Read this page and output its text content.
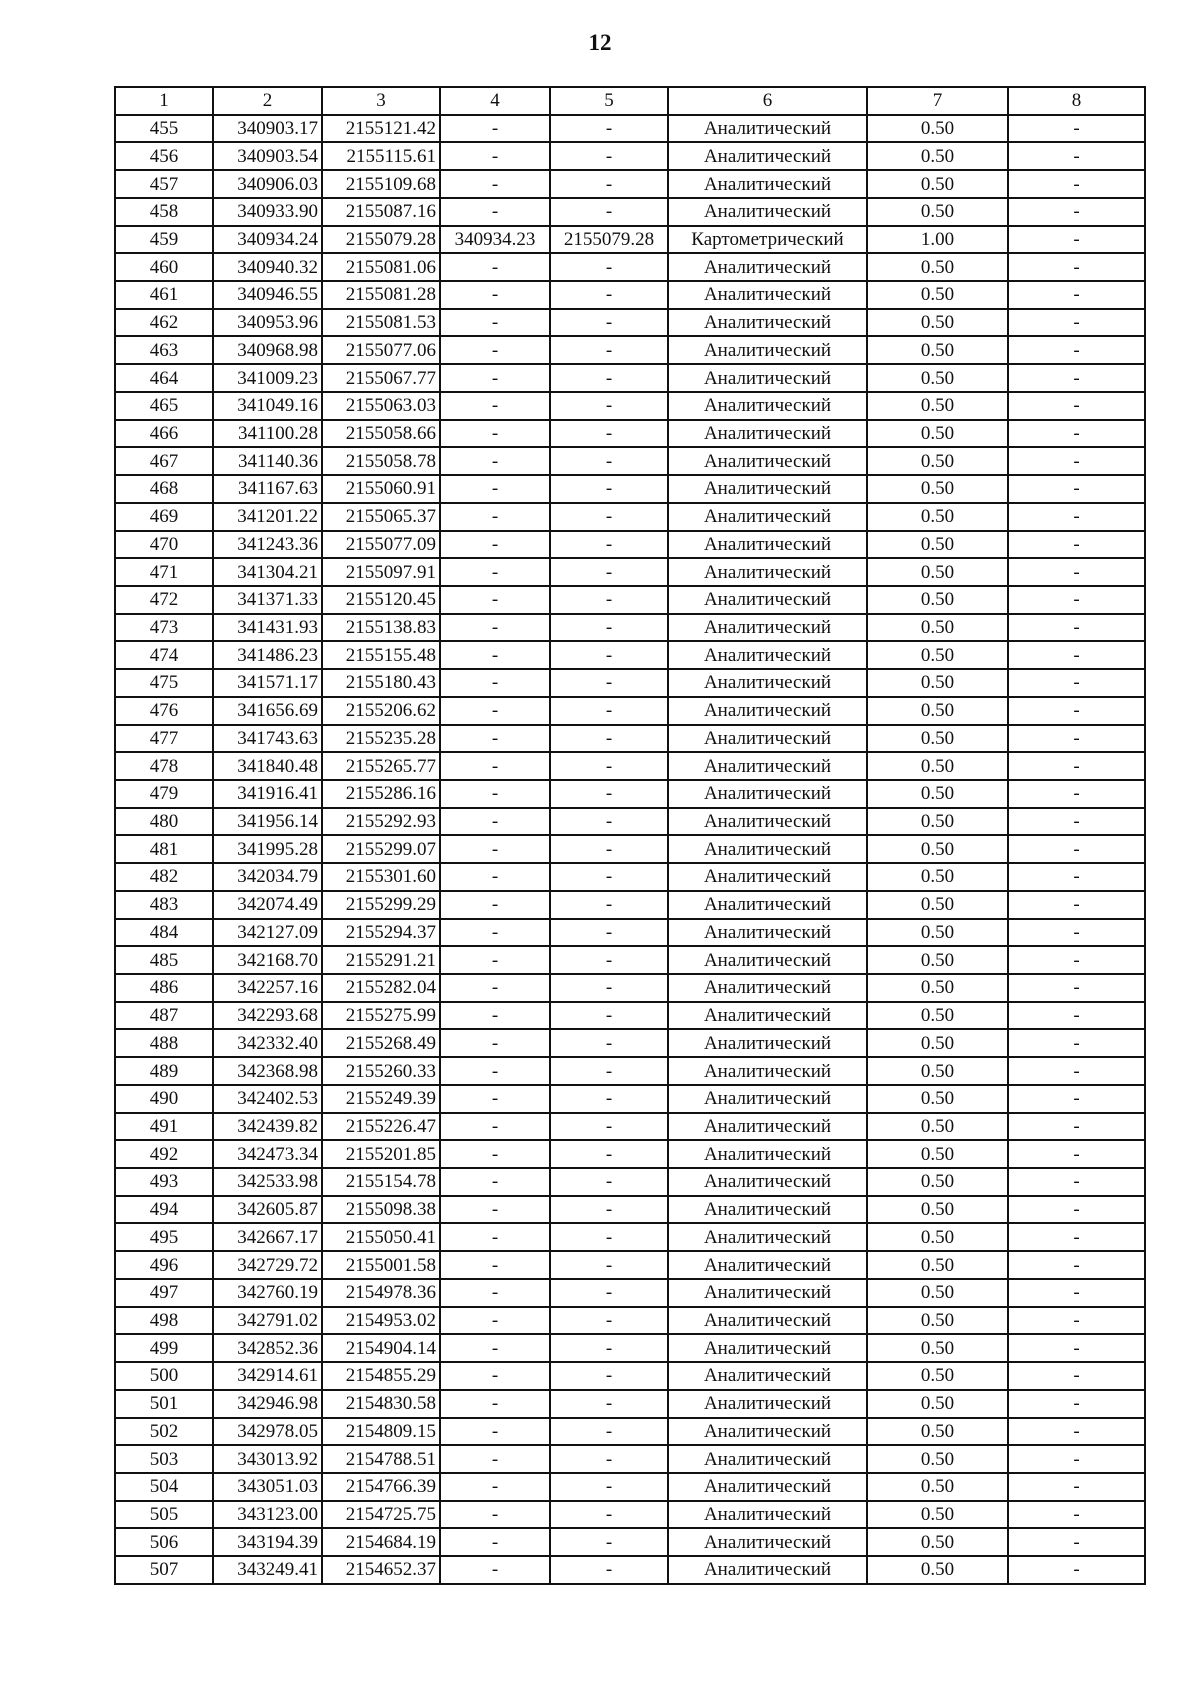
12
1	2	3	4	5	6	7	8
455	340903.17	2155121.42	-	-	Аналитический	0.50	-
456	340903.54	2155115.61	-	-	Аналитический	0.50	-
457	340906.03	2155109.68	-	-	Аналитический	0.50	-
458	340933.90	2155087.16	-	-	Аналитический	0.50	-
459	340934.24	2155079.28	340934.23	2155079.28	Картометрический	1.00	-
460	340940.32	2155081.06	-	-	Аналитический	0.50	-
461	340946.55	2155081.28	-	-	Аналитический	0.50	-
462	340953.96	2155081.53	-	-	Аналитический	0.50	-
463	340968.98	2155077.06	-	-	Аналитический	0.50	-
464	341009.23	2155067.77	-	-	Аналитический	0.50	-
465	341049.16	2155063.03	-	-	Аналитический	0.50	-
466	341100.28	2155058.66	-	-	Аналитический	0.50	-
467	341140.36	2155058.78	-	-	Аналитический	0.50	-
468	341167.63	2155060.91	-	-	Аналитический	0.50	-
469	341201.22	2155065.37	-	-	Аналитический	0.50	-
470	341243.36	2155077.09	-	-	Аналитический	0.50	-
471	341304.21	2155097.91	-	-	Аналитический	0.50	-
472	341371.33	2155120.45	-	-	Аналитический	0.50	-
473	341431.93	2155138.83	-	-	Аналитический	0.50	-
474	341486.23	2155155.48	-	-	Аналитический	0.50	-
475	341571.17	2155180.43	-	-	Аналитический	0.50	-
476	341656.69	2155206.62	-	-	Аналитический	0.50	-
477	341743.63	2155235.28	-	-	Аналитический	0.50	-
478	341840.48	2155265.77	-	-	Аналитический	0.50	-
479	341916.41	2155286.16	-	-	Аналитический	0.50	-
480	341956.14	2155292.93	-	-	Аналитический	0.50	-
481	341995.28	2155299.07	-	-	Аналитический	0.50	-
482	342034.79	2155301.60	-	-	Аналитический	0.50	-
483	342074.49	2155299.29	-	-	Аналитический	0.50	-
484	342127.09	2155294.37	-	-	Аналитический	0.50	-
485	342168.70	2155291.21	-	-	Аналитический	0.50	-
486	342257.16	2155282.04	-	-	Аналитический	0.50	-
487	342293.68	2155275.99	-	-	Аналитический	0.50	-
488	342332.40	2155268.49	-	-	Аналитический	0.50	-
489	342368.98	2155260.33	-	-	Аналитический	0.50	-
490	342402.53	2155249.39	-	-	Аналитический	0.50	-
491	342439.82	2155226.47	-	-	Аналитический	0.50	-
492	342473.34	2155201.85	-	-	Аналитический	0.50	-
493	342533.98	2155154.78	-	-	Аналитический	0.50	-
494	342605.87	2155098.38	-	-	Аналитический	0.50	-
495	342667.17	2155050.41	-	-	Аналитический	0.50	-
496	342729.72	2155001.58	-	-	Аналитический	0.50	-
497	342760.19	2154978.36	-	-	Аналитический	0.50	-
498	342791.02	2154953.02	-	-	Аналитический	0.50	-
499	342852.36	2154904.14	-	-	Аналитический	0.50	-
500	342914.61	2154855.29	-	-	Аналитический	0.50	-
501	342946.98	2154830.58	-	-	Аналитический	0.50	-
502	342978.05	2154809.15	-	-	Аналитический	0.50	-
503	343013.92	2154788.51	-	-	Аналитический	0.50	-
504	343051.03	2154766.39	-	-	Аналитический	0.50	-
505	343123.00	2154725.75	-	-	Аналитический	0.50	-
506	343194.39	2154684.19	-	-	Аналитический	0.50	-
507	343249.41	2154652.37	-	-	Аналитический	0.50	-
